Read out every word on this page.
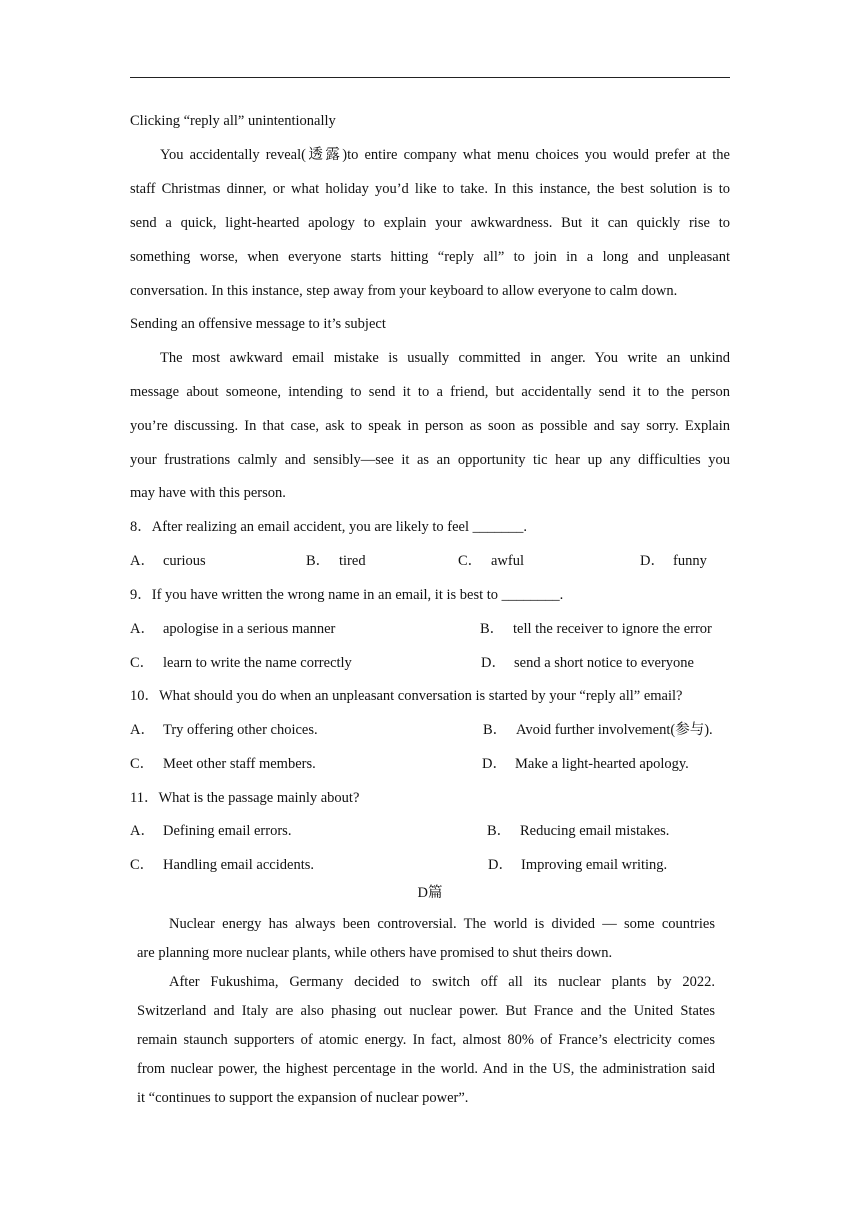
Clicking “reply all” unintentionally
You accidentally reveal(透露)to entire company what menu choices you would prefer at the
staff Christmas dinner, or what holiday you’d like to take. In this instance, the best solution is to
send a quick, light-hearted apology to explain your awkwardness. But it can quickly rise to
something worse, when everyone starts hitting “reply all” to join in a long and unpleasant
conversation. In this instance, step away from your keyboard to allow everyone to calm down.
Sending an offensive message to it’s subject
The most awkward email mistake is usually committed in anger. You write an unkind
message about someone, intending to send it to a friend, but accidentally send it to the person
you’re discussing. In that case, ask to speak in person as soon as possible and say sorry. Explain
your frustrations calmly and sensibly—see it as an opportunity tic hear up any difficulties you
may have with this person.
8．After realizing an email accident, you are likely to feel _______.
A． curious	B． tired	C． awful	D． funny
9．If you have written the wrong name in an email, it is best to ________.
A． apologise in a serious manner	B． tell the receiver to ignore the error
C． learn to write the name correctly	D． send a short notice to everyone
10．What should you do when an unpleasant conversation is started by your “reply all” email?
A． Try offering other choices.	B． Avoid further involvement(参与).
C． Meet other staff members.	D． Make a light-hearted apology.
11．What is the passage mainly about?
A． Defining email errors.	B． Reducing email mistakes.
C． Handling email accidents.	D． Improving email writing.
D篇
Nuclear energy has always been controversial. The world is divided — some countries
are planning more nuclear plants, while others have promised to shut theirs down.
After Fukushima, Germany decided to switch off all its nuclear plants by 2022.
Switzerland and Italy are also phasing out nuclear power. But France and the United States
remain staunch supporters of atomic energy. In fact, almost 80% of France’s electricity comes
from nuclear power, the highest percentage in the world. And in the US, the administration said
it “continues to support the expansion of nuclear power”.
